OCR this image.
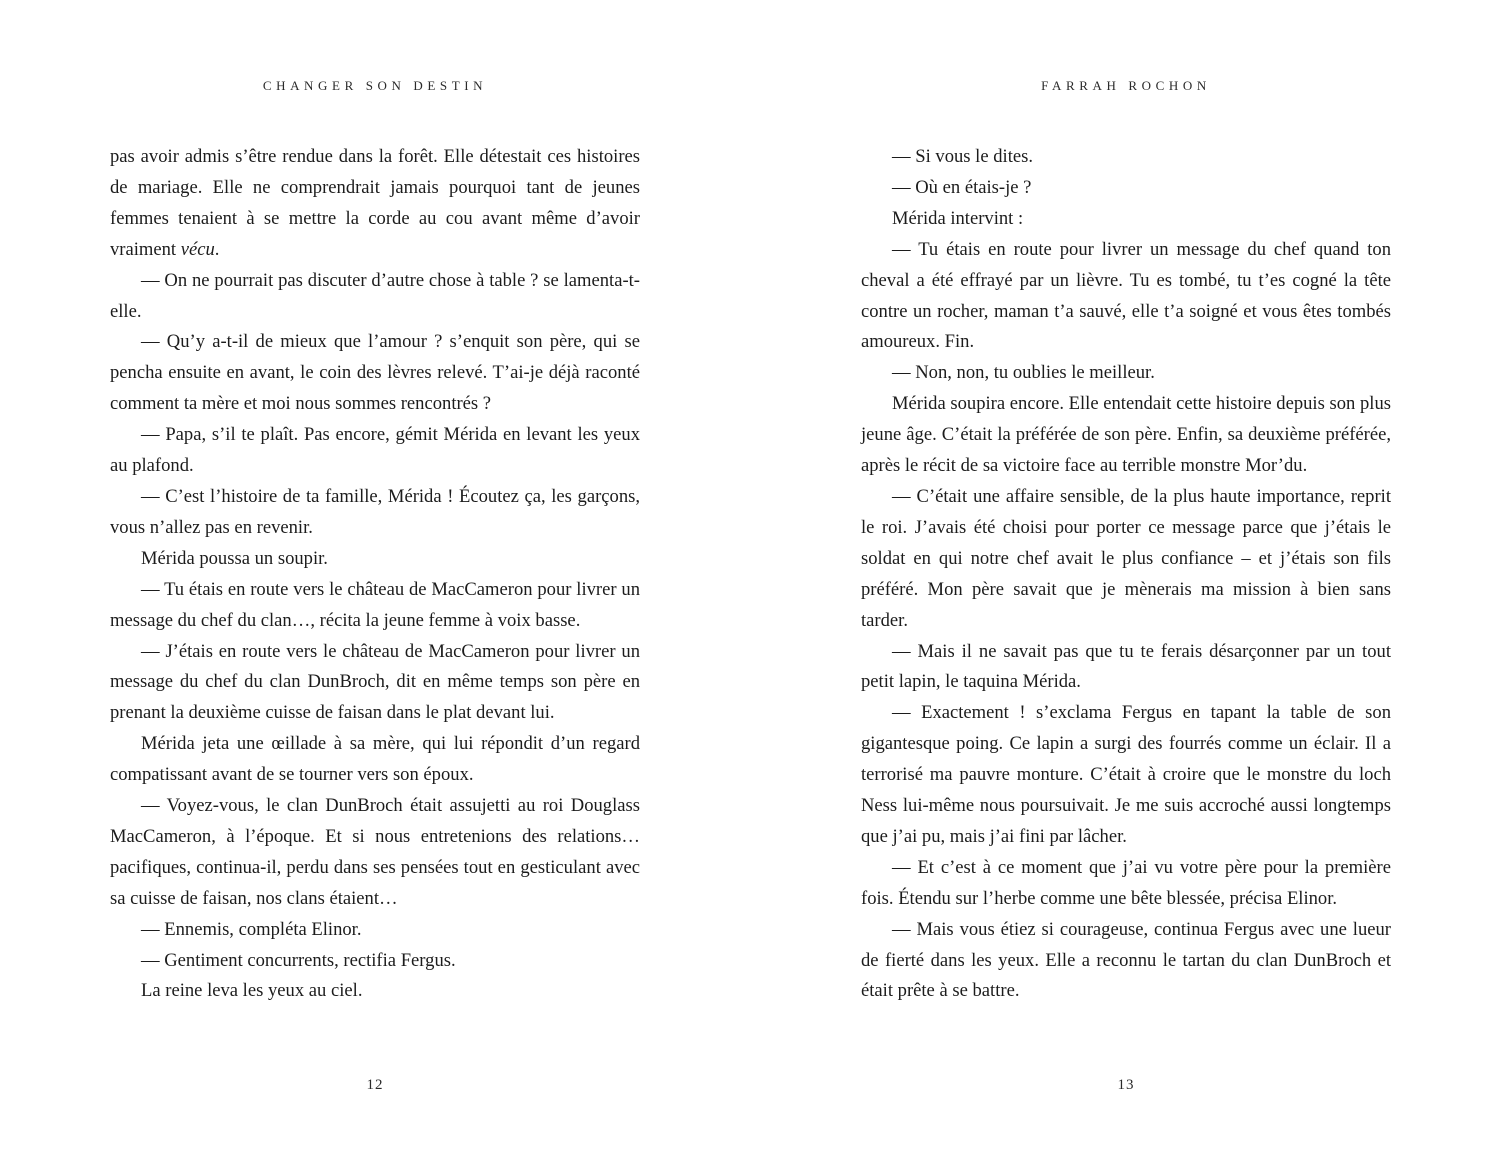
CHANGER SON DESTIN

pas avoir admis s’être rendue dans la forêt. Elle détestait ces histoires de mariage. Elle ne comprendrait jamais pourquoi tant de jeunes femmes tenaient à se mettre la corde au cou avant même d’avoir vraiment vécu.

— On ne pourrait pas discuter d’autre chose à table ? se lamenta-t-elle.

— Qu’y a-t-il de mieux que l’amour ? s’enquit son père, qui se pencha ensuite en avant, le coin des lèvres relevé. T’ai-je déjà raconté comment ta mère et moi nous sommes rencontrés ?

— Papa, s’il te plaît. Pas encore, gémit Mérida en levant les yeux au plafond.

— C’est l’histoire de ta famille, Mérida ! Écoutez ça, les garçons, vous n’allez pas en revenir.

Mérida poussa un soupir.

— Tu étais en route vers le château de MacCameron pour livrer un message du chef du clan…, récita la jeune femme à voix basse.

— J’étais en route vers le château de MacCameron pour livrer un message du chef du clan DunBroch, dit en même temps son père en prenant la deuxième cuisse de faisan dans le plat devant lui.

Mérida jeta une œillade à sa mère, qui lui répondit d’un regard compatissant avant de se tourner vers son époux.

— Voyez-vous, le clan DunBroch était assujetti au roi Douglass MacCameron, à l’époque. Et si nous entretenions des relations… pacifiques, continua-il, perdu dans ses pensées tout en gesticulant avec sa cuisse de faisan, nos clans étaient…

— Ennemis, compléta Elinor.

— Gentiment concurrents, rectifia Fergus.

La reine leva les yeux au ciel.

12
FARRAH ROCHON

— Si vous le dites.

— Où en étais-je ?

Mérida intervint :

— Tu étais en route pour livrer un message du chef quand ton cheval a été effrayé par un lièvre. Tu es tombé, tu t’es cogné la tête contre un rocher, maman t’a sauvé, elle t’a soigné et vous êtes tombés amoureux. Fin.

— Non, non, tu oublies le meilleur.

Mérida soupira encore. Elle entendait cette histoire depuis son plus jeune âge. C’était la préférée de son père. Enfin, sa deuxième préférée, après le récit de sa victoire face au terrible monstre Mor’du.

— C’était une affaire sensible, de la plus haute importance, reprit le roi. J’avais été choisi pour porter ce message parce que j’étais le soldat en qui notre chef avait le plus confiance – et j’étais son fils préféré. Mon père savait que je mènerais ma mission à bien sans tarder.

— Mais il ne savait pas que tu te ferais désarçonner par un tout petit lapin, le taquina Mérida.

— Exactement ! s’exclama Fergus en tapant la table de son gigantesque poing. Ce lapin a surgi des fourrés comme un éclair. Il a terrorisé ma pauvre monture. C’était à croire que le monstre du loch Ness lui-même nous poursuivait. Je me suis accroché aussi longtemps que j’ai pu, mais j’ai fini par lâcher.

— Et c’est à ce moment que j’ai vu votre père pour la première fois. Étendu sur l’herbe comme une bête blessée, précisa Elinor.

— Mais vous étiez si courageuse, continua Fergus avec une lueur de fierté dans les yeux. Elle a reconnu le tartan du clan DunBroch et était prête à se battre.

13
